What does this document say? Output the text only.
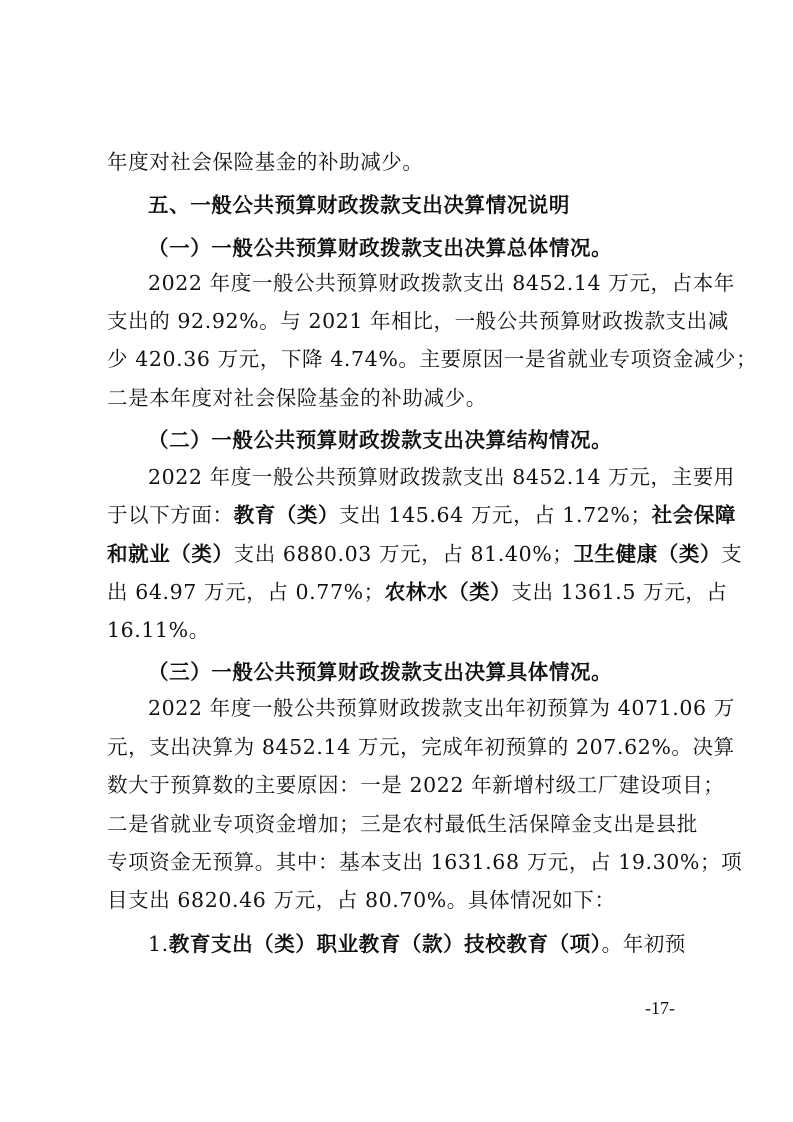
年度对社会保险基金的补助减少。
五、一般公共预算财政拨款支出决算情况说明
（一）一般公共预算财政拨款支出决算总体情况。
2022 年度一般公共预算财政拨款支出 8452.14 万元，占本年
支出的 92.92%。与 2021 年相比，一般公共预算财政拨款支出减
少 420.36 万元，下降 4.74%。主要原因一是省就业专项资金减少；
二是本年度对社会保险基金的补助减少。
（二）一般公共预算财政拨款支出决算结构情况。
2022 年度一般公共预算财政拨款支出 8452.14 万元，主要用
于以下方面：教育（类）支出 145.64 万元，占 1.72%；社会保障
和就业（类）支出 6880.03 万元，占 81.40%；卫生健康（类）支
出 64.97 万元，占 0.77%；农林水（类）支出 1361.5 万元，占
16.11%。
（三）一般公共预算财政拨款支出决算具体情况。
2022 年度一般公共预算财政拨款支出年初预算为 4071.06 万
元，支出决算为 8452.14 万元，完成年初预算的 207.62%。决算
数大于预算数的主要原因：一是 2022 年新增村级工厂建设项目；
二是省就业专项资金增加；三是农村最低生活保障金支出是县批
专项资金无预算。其中：基本支出 1631.68 万元，占 19.30%；项
目支出 6820.46 万元，占 80.70%。具体情况如下：
1.教育支出（类）职业教育（款）技校教育（项）。年初预
-17-
